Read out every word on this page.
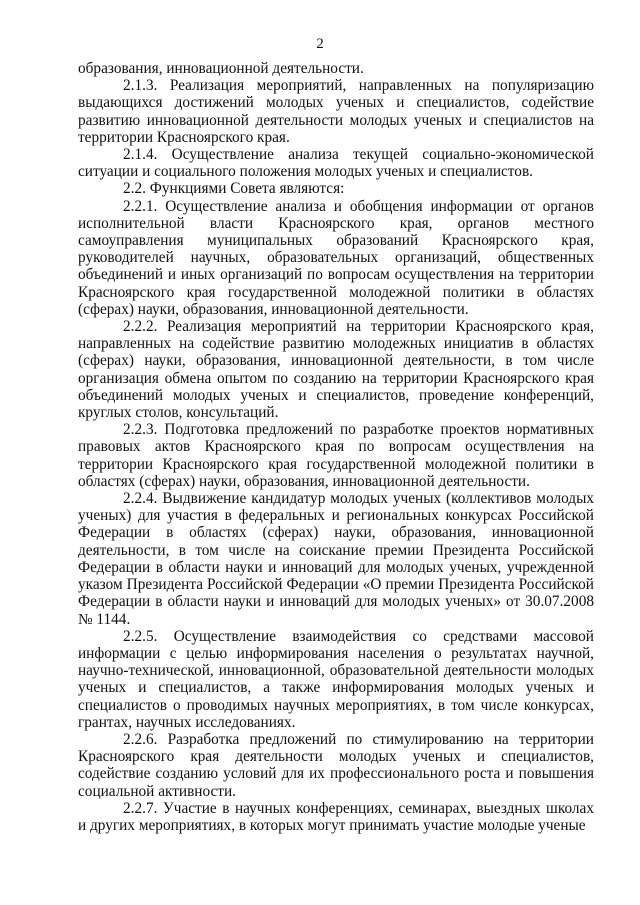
2

образования, инновационной деятельности.

2.1.3. Реализация мероприятий, направленных на популяризацию выдающихся достижений молодых ученых и специалистов, содействие развитию инновационной деятельности молодых ученых и специалистов на территории Красноярского края.

2.1.4. Осуществление анализа текущей социально-экономической ситуации и социального положения молодых ученых и специалистов.

2.2. Функциями Совета являются:

2.2.1. Осуществление анализа и обобщения информации от органов исполнительной власти Красноярского края, органов местного самоуправления муниципальных образований Красноярского края, руководителей научных, образовательных организаций, общественных объединений и иных организаций по вопросам осуществления на территории Красноярского края государственной молодежной политики в областях (сферах) науки, образования, инновационной деятельности.

2.2.2. Реализация мероприятий на территории Красноярского края, направленных на содействие развитию молодежных инициатив в областях (сферах) науки, образования, инновационной деятельности, в том числе организация обмена опытом по созданию на территории Красноярского края объединений молодых ученых и специалистов, проведение конференций, круглых столов, консультаций.

2.2.3. Подготовка предложений по разработке проектов нормативных правовых актов Красноярского края по вопросам осуществления на территории Красноярского края государственной молодежной политики в областях (сферах) науки, образования, инновационной деятельности.

2.2.4. Выдвижение кандидатур молодых ученых (коллективов молодых ученых) для участия в федеральных и региональных конкурсах Российской Федерации в областях (сферах) науки, образования, инновационной деятельности, в том числе на соискание премии Президента Российской Федерации в области науки и инноваций для молодых ученых, учрежденной указом Президента Российской Федерации «О премии Президента Российской Федерации в области науки и инноваций для молодых ученых» от 30.07.2008 № 1144.

2.2.5. Осуществление взаимодействия со средствами массовой информации с целью информирования населения о результатах научной, научно-технической, инновационной, образовательной деятельности молодых ученых и специалистов, а также информирования молодых ученых и специалистов о проводимых научных мероприятиях, в том числе конкурсах, грантах, научных исследованиях.

2.2.6. Разработка предложений по стимулированию на территории Красноярского края деятельности молодых ученых и специалистов, содействие созданию условий для их профессионального роста и повышения социальной активности.

2.2.7. Участие в научных конференциях, семинарах, выездных школах и других мероприятиях, в которых могут принимать участие молодые ученые
